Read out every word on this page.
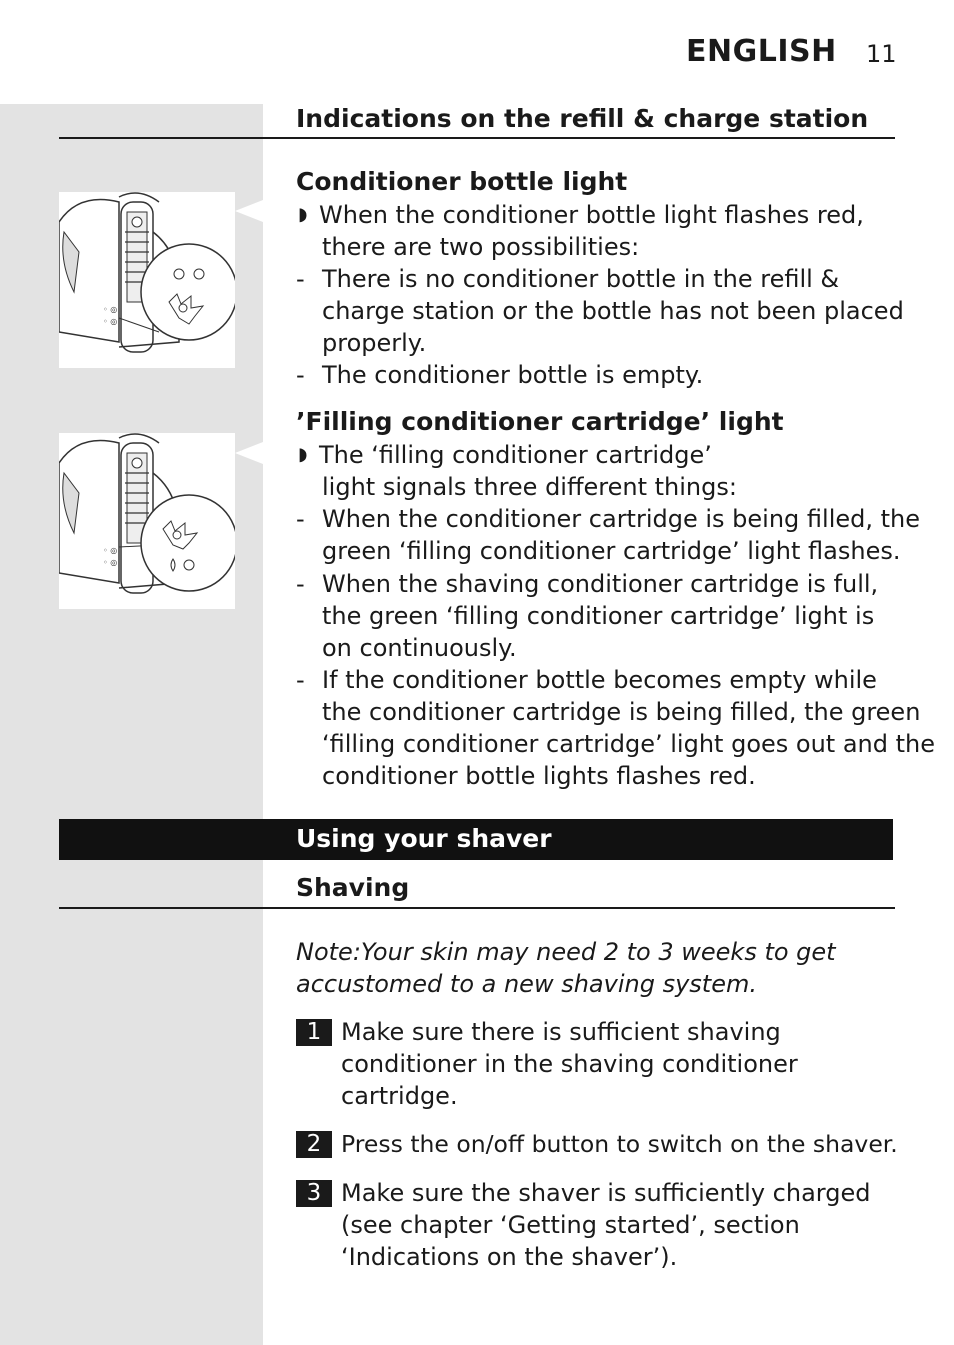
ENGLISH 11
Indications on the refill & charge station
◦ ◎
◦ ◎
Conditioner bottle light
◗ When the conditioner bottle light flashes red,
there are two possibilities:
- There is no conditioner bottle in the refill &
charge station or the bottle has not been placed
properly.
- The conditioner bottle is empty.
◦ ◎
◦ ◎
’Filling conditioner cartridge’ light
◗ The ‘filling conditioner cartridge’
light signals three different things:
- When the conditioner cartridge is being filled, the
green ‘filling conditioner cartridge’ light flashes.
- When the shaving conditioner cartridge is full,
the green ‘filling conditioner cartridge’ light is
on continuously.
- If the conditioner bottle becomes empty while
the conditioner cartridge is being filled, the green
‘filling conditioner cartridge’ light goes out and the
conditioner bottle lights flashes red.
Using your shaver
Shaving
Note:Your skin may need 2 to 3 weeks to get
accustomed to a new shaving system.
1 Make sure there is sufficient shaving
conditioner in the shaving conditioner
cartridge.
2 Press the on/off button to switch on the shaver.
3 Make sure the shaver is sufficiently charged
(see chapter ‘Getting started’, section
‘Indications on the shaver’).
